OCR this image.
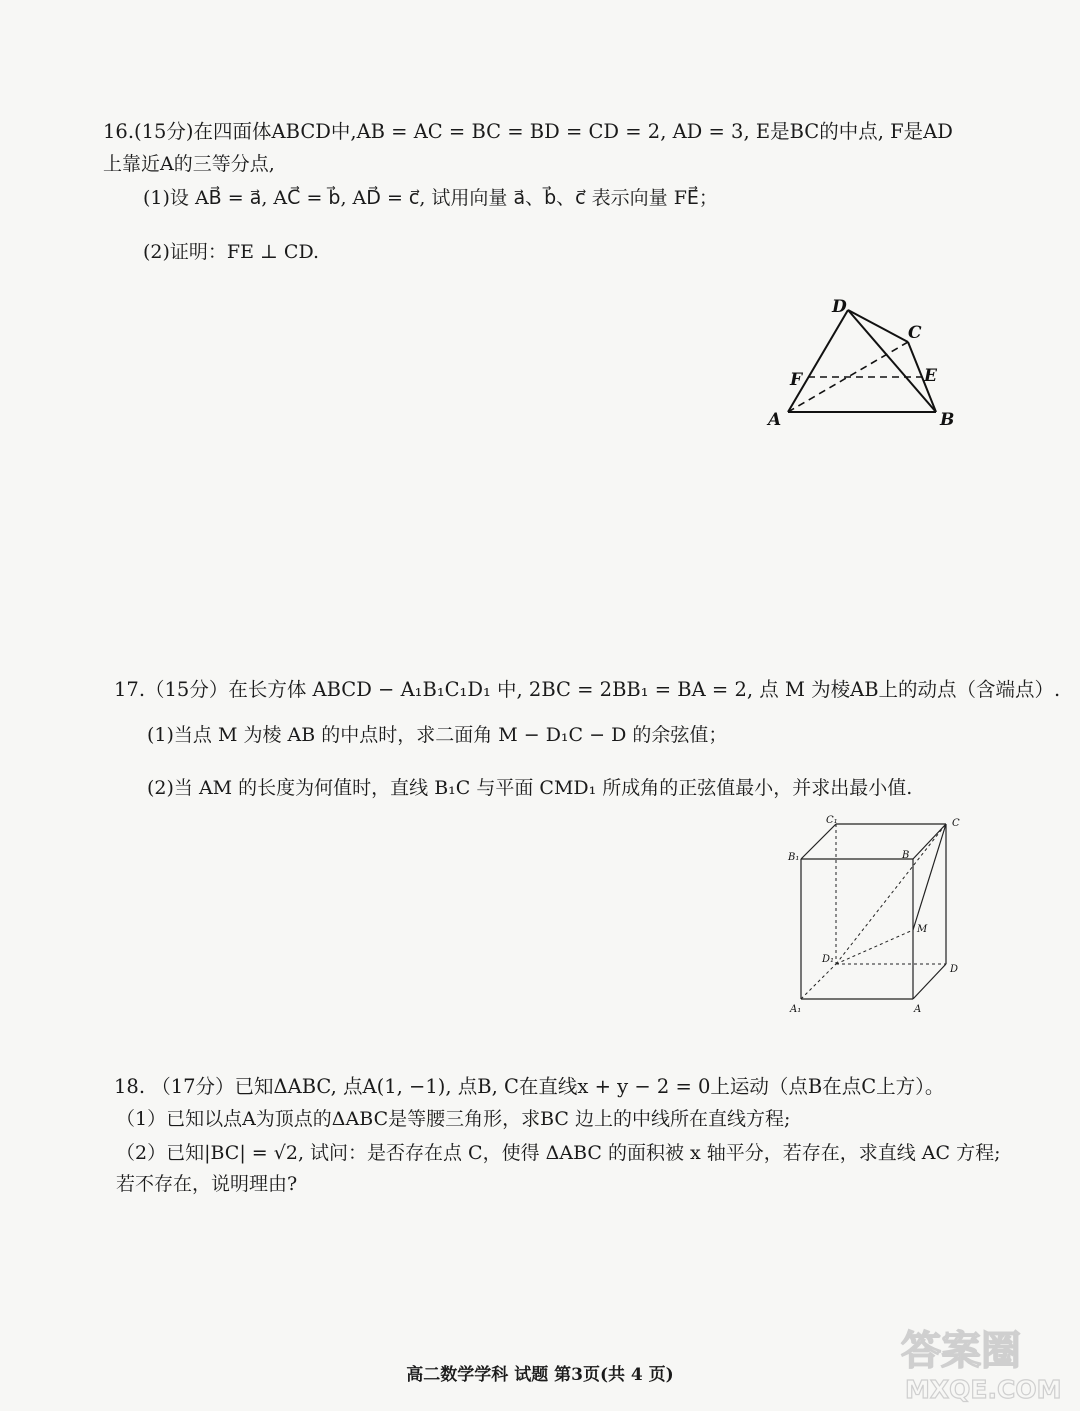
16.(15分)在四面体ABCD中,AB = AC = BC = BD = CD = 2, AD = 3, E是BC的中点, F是AD
上靠近A的三等分点,
(1)设 AB⃗ = a⃗, AC⃗ = b⃗, AD⃗ = c⃗, 试用向量 a⃗、b⃗、c⃗ 表示向量 FE⃗；
(2)证明：FE ⊥ CD.
D
C
F	E
A	B
17.（15分）在长方体 ABCD − A₁B₁C₁D₁ 中, 2BC = 2BB₁ = BA = 2, 点 M 为棱AB上的动点（含端点）.
(1)当点 M 为棱 AB 的中点时，求二面角 M − D₁C − D 的余弦值；
(2)当 AM 的长度为何值时，直线 B₁C 与平面 CMD₁ 所成角的正弦值最小，并求出最小值.
C₁	C
B₁	B
M
D₁
D
A₁	A
18. （17分）已知ΔABC, 点A(1, −1), 点B, C在直线x + y − 2 = 0上运动（点B在点C上方）。
（1）已知以点A为顶点的ΔABC是等腰三角形，求BC 边上的中线所在直线方程;
（2）已知|BC| = √2, 试问：是否存在点 C，使得 ΔABC 的面积被 x 轴平分，若存在，求直线 AC 方程;
若不存在，说明理由?
高二数学学科 试题 第3页(共 4 页)
答案圈
MXQE.COM
